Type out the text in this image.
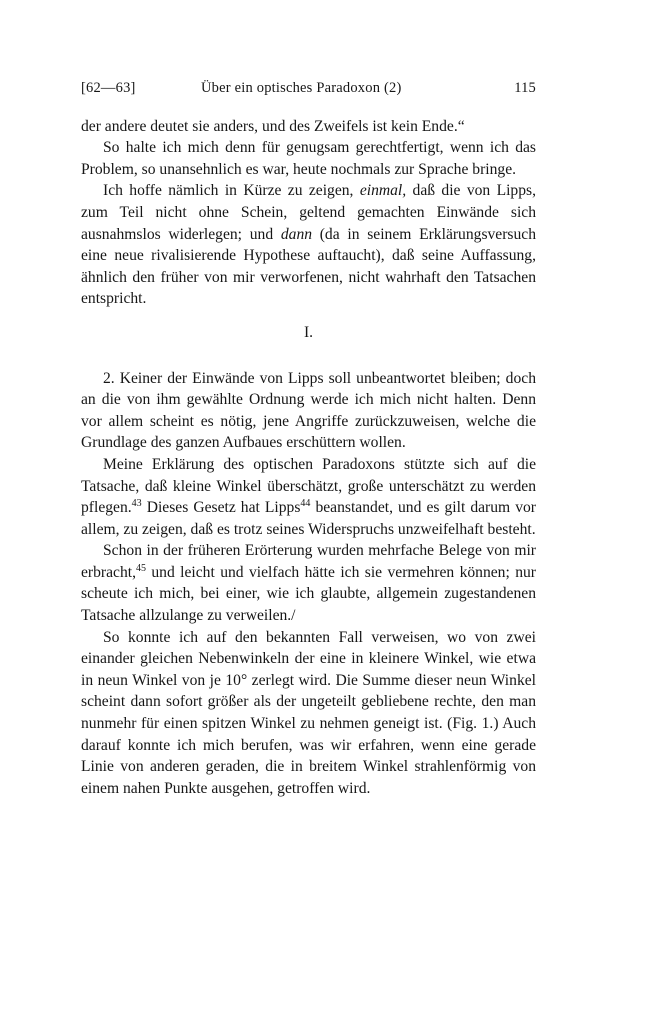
[62—63]	Über ein optisches Paradoxon (2)	115

der andere deutet sie anders, und des Zweifels ist kein Ende.“

So halte ich mich denn für genugsam gerechtfertigt, wenn ich das Problem, so unansehnlich es war, heute nochmals zur Sprache bringe.

Ich hoffe nämlich in Kürze zu zeigen, einmal, daß die von Lipps, zum Teil nicht ohne Schein, geltend gemachten Einwände sich ausnahmslos widerlegen; und dann (da in seinem Erklärungsversuch eine neue rivalisierende Hypothese auftaucht), daß seine Auffassung, ähnlich den früher von mir verworfenen, nicht wahrhaft den Tatsachen entspricht.

I.

2. Keiner der Einwände von Lipps soll unbeantwortet bleiben; doch an die von ihm gewählte Ordnung werde ich mich nicht halten. Denn vor allem scheint es nötig, jene Angriffe zurückzuweisen, welche die Grundlage des ganzen Aufbaues erschüttern wollen.

Meine Erklärung des optischen Paradoxons stützte sich auf die Tatsache, daß kleine Winkel überschätzt, große unterschätzt zu werden pflegen.$^{43}$ Dieses Gesetz hat Lipps$^{44}$ beanstandet, und es gilt darum vor allem, zu zeigen, daß es trotz seines Widerspruchs unzweifelhaft besteht.

Schon in der früheren Erörterung wurden mehrfache Belege von mir erbracht,$^{45}$ und leicht und vielfach hätte ich sie vermehren können; nur scheute ich mich, bei einer, wie ich glaubte, allgemein zugestandenen Tatsache allzulange zu verweilen./

So konnte ich auf den bekannten Fall verweisen, wo von zwei einander gleichen Nebenwinkeln der eine in kleinere Winkel, wie etwa in neun Winkel von je 10° zerlegt wird. Die Summe dieser neun Winkel scheint dann sofort größer als der ungeteilt gebliebene rechte, den man nunmehr für einen spitzen Winkel zu nehmen geneigt ist. (Fig. 1.) Auch darauf konnte ich mich berufen, was wir erfahren, wenn eine gerade Linie von anderen geraden, die in breitem Winkel strahlenförmig von einem nahen Punkte ausgehen, getroffen wird.
